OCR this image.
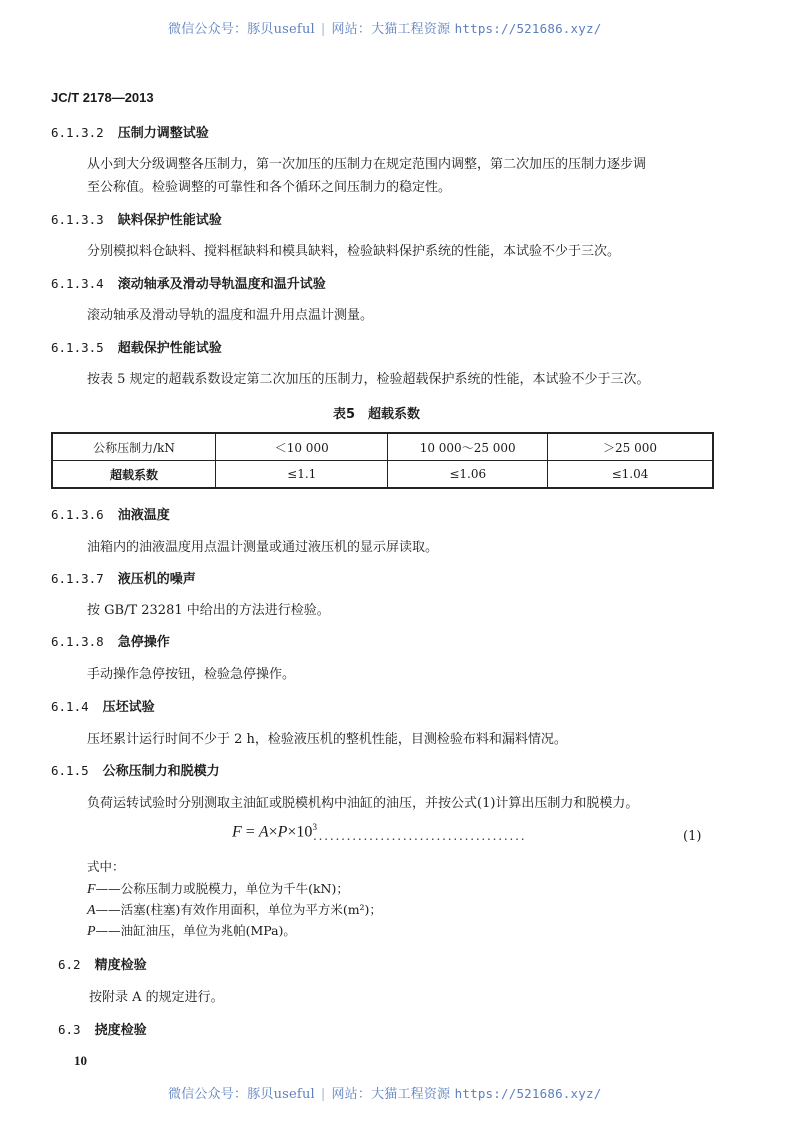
微信公众号：豚贝useful | 网站：大猫工程资源 https://521686.xyz/
JC/T 2178—2013
6.1.3.2 压制力调整试验
从小到大分级调整各压制力，第一次加压的压制力在规定范围内调整，第二次加压的压制力逐步调
至公称值。检验调整的可靠性和各个循环之间压制力的稳定性。
6.1.3.3 缺料保护性能试验
分别模拟料仓缺料、搅料框缺料和模具缺料，检验缺料保护系统的性能，本试验不少于三次。
6.1.3.4 滚动轴承及滑动导轨温度和温升试验
滚动轴承及滑动导轨的温度和温升用点温计测量。
6.1.3.5 超载保护性能试验
按表 5 规定的超载系数设定第二次加压的压制力，检验超载保护系统的性能，本试验不少于三次。
表5　超载系数
公称压制力/kN	＜10 000	10 000～25 000	＞25 000
超载系数	≤1.1	≤1.06	≤1.04
6.1.3.6 油液温度
油箱内的油液温度用点温计测量或通过液压机的显示屏读取。
6.1.3.7 液压机的噪声
按 GB/T 23281 中给出的方法进行检验。
6.1.3.8 急停操作
手动操作急停按钮，检验急停操作。
6.1.4 压坯试验
压坯累计运行时间不少于 2 h，检验液压机的整机性能，目测检验布料和漏料情况。
6.1.5 公称压制力和脱模力
负荷运转试验时分别测取主油缸或脱模机构中油缸的油压，并按公式(1)计算出压制力和脱模力。
$F = A\times P\times 10^3$
......................................	(1)
式中：
F——公称压制力或脱模力，单位为千牛(kN)；
A——活塞(柱塞)有效作用面积，单位为平方米(m²)；
P——油缸油压，单位为兆帕(MPa)。
6.2 精度检验
按附录 A 的规定进行。
6.3 挠度检验
10
微信公众号：豚贝useful | 网站：大猫工程资源 https://521686.xyz/
